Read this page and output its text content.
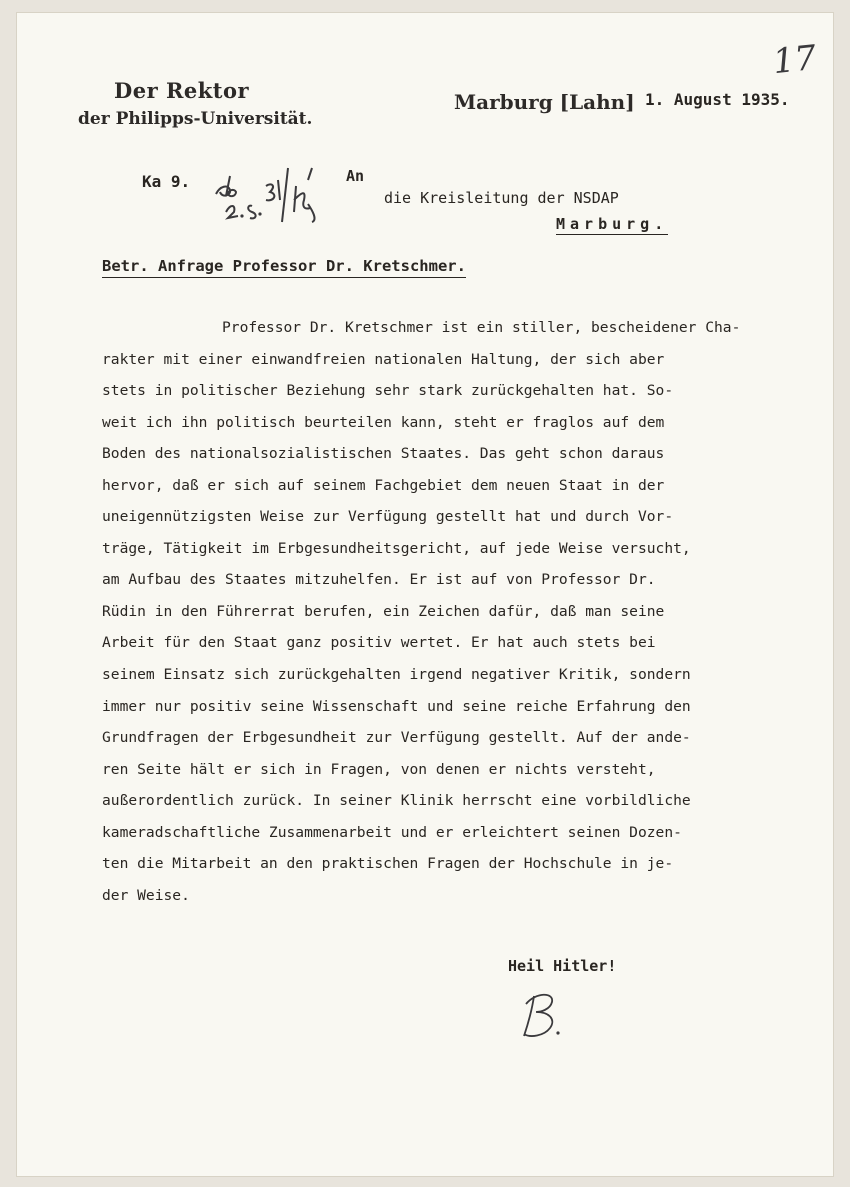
17
Der Rektor
der Philipps-Universität.
Marburg [Lahn] 1. August 1935.
Ka 9.	An
die Kreisleitung der NSDAP
Marburg.
Betr. Anfrage Professor Dr. Kretschmer.
Professor Dr. Kretschmer ist ein stiller, bescheidener Cha-
rakter mit einer einwandfreien nationalen Haltung, der sich aber
stets in politischer Beziehung sehr stark zurückgehalten hat. So-
weit ich ihn politisch beurteilen kann, steht er fraglos auf dem
Boden des nationalsozialistischen Staates. Das geht schon daraus
hervor, daß er sich auf seinem Fachgebiet dem neuen Staat in der
uneigennützigsten Weise zur Verfügung gestellt hat und durch Vor-
träge, Tätigkeit im Erbgesundheitsgericht, auf jede Weise versucht,
am Aufbau des Staates mitzuhelfen. Er ist auf von Professor Dr.
Rüdin in den Führerrat berufen, ein Zeichen dafür, daß man seine
Arbeit für den Staat ganz positiv wertet. Er hat auch stets bei
seinem Einsatz sich zurückgehalten irgend negativer Kritik, sondern
immer nur positiv seine Wissenschaft und seine reiche Erfahrung den
Grundfragen der Erbgesundheit zur Verfügung gestellt. Auf der ande-
ren Seite hält er sich in Fragen, von denen er nichts versteht,
außerordentlich zurück. In seiner Klinik herrscht eine vorbildliche
kameradschaftliche Zusammenarbeit und er erleichtert seinen Dozen-
ten die Mitarbeit an den praktischen Fragen der Hochschule in je-
der Weise.
Heil Hitler!
